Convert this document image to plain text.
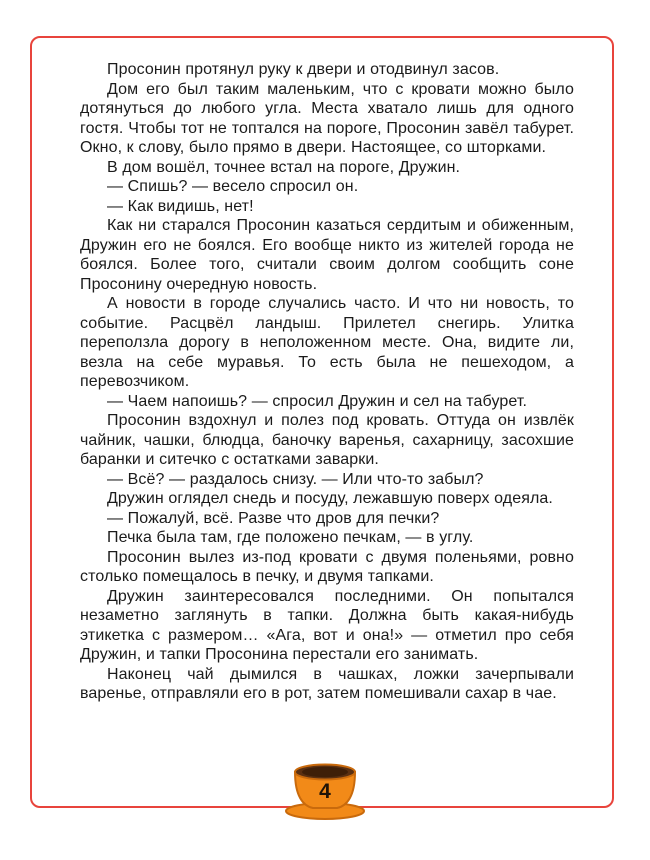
Просонин протянул руку к двери и отодвинул засов.

Дом его был таким маленьким, что с кровати можно было дотянуться до любого угла. Места хватало лишь для одного гостя. Чтобы тот не топтался на пороге, Просонин завёл табурет. Окно, к слову, было прямо в двери. Настоящее, со шторками.

В дом вошёл, точнее встал на пороге, Дружин.

— Спишь? — весело спросил он.

— Как видишь, нет!

Как ни старался Просонин казаться сердитым и обиженным, Дружин его не боялся. Его вообще никто из жителей города не боялся. Более того, считали своим долгом сообщить соне Просонину очередную новость.

А новости в городе случались часто. И что ни новость, то событие. Расцвёл ландыш. Прилетел снегирь. Улитка переползла дорогу в неположенном месте. Она, видите ли, везла на себе муравья. То есть была не пешеходом, а перевозчиком.

— Чаем напоишь? — спросил Дружин и сел на табурет.

Просонин вздохнул и полез под кровать. Оттуда он извлёк чайник, чашки, блюдца, баночку варенья, сахарницу, засохшие баранки и ситечко с остатками заварки.

— Всё? — раздалось снизу. — Или что-то забыл?

Дружин оглядел снедь и посуду, лежавшую поверх одеяла.

— Пожалуй, всё. Разве что дров для печки?

Печка была там, где положено печкам, — в углу.

Просонин вылез из-под кровати с двумя поленьями, ровно столько помещалось в печку, и двумя тапками.

Дружин заинтересовался последними. Он попытался незаметно заглянуть в тапки. Должна быть какая-нибудь этикетка с размером… «Ага, вот и она!» — отметил про себя Дружин, и тапки Просонина перестали его занимать.

Наконец чай дымился в чашках, ложки зачерпывали варенье, отправляли его в рот, затем помешивали сахар в чае.

4
